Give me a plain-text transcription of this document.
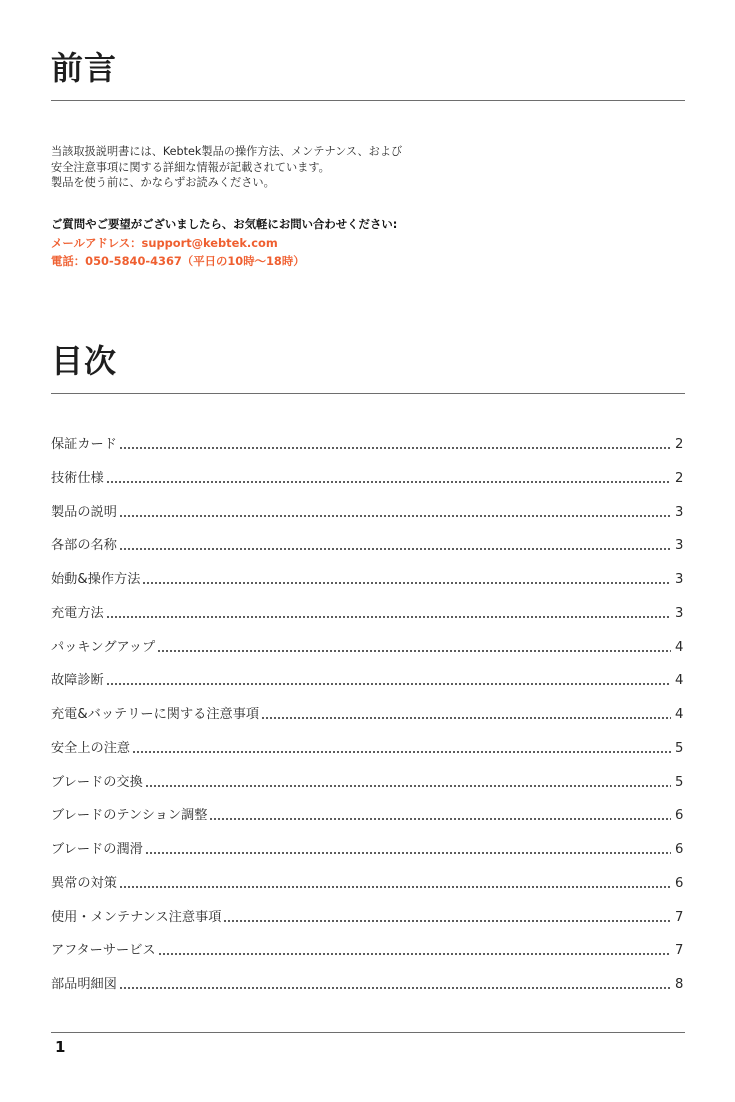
前言
当該取扱説明書には、Kebtek製品の操作方法、メンテナンス、および
安全注意事項に関する詳細な情報が記載されています。
製品を使う前に、かならずお読みください。
ご質問やご要望がございましたら、お気軽にお問い合わせください:
メールアドレス：support@kebtek.com
電話：050-5840-4367（平日の10時～18時）
目次
保証カード	2
技術仕様	2
製品の説明	3
各部の名称	3
始動&操作方法	3
充電方法	3
パッキングアップ	4
故障診断	4
充電&バッテリーに関する注意事項	4
安全上の注意	5
ブレードの交換	5
ブレードのテンション調整	6
ブレードの潤滑	6
異常の対策	6
使用・メンテナンス注意事項	7
アフターサービス	7
部品明細図	8
1
